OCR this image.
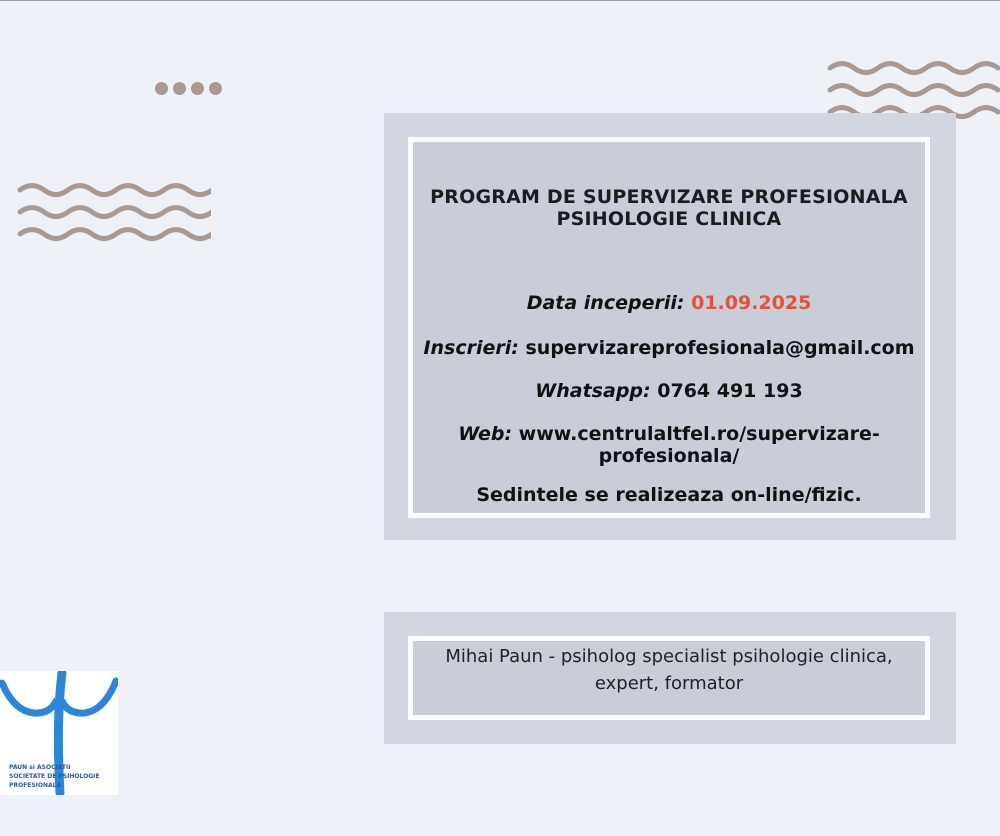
PROGRAM DE SUPERVIZARE PROFESIONALA
PSIHOLOGIE CLINICA
Data inceperii: 01.09.2025
Inscrieri: supervizareprofesionala@gmail.com
Whatsapp: 0764 491 193
Web: www.centrulaltfel.ro/supervizare-
profesionala/
Sedintele se realizeaza on-line/fizic.
Mihai Paun - psiholog specialist psihologie clinica,
expert, formator
PAUN si ASOCIATII
SOCIETATE DE PSIHOLOGIE
PROFESIONALA
